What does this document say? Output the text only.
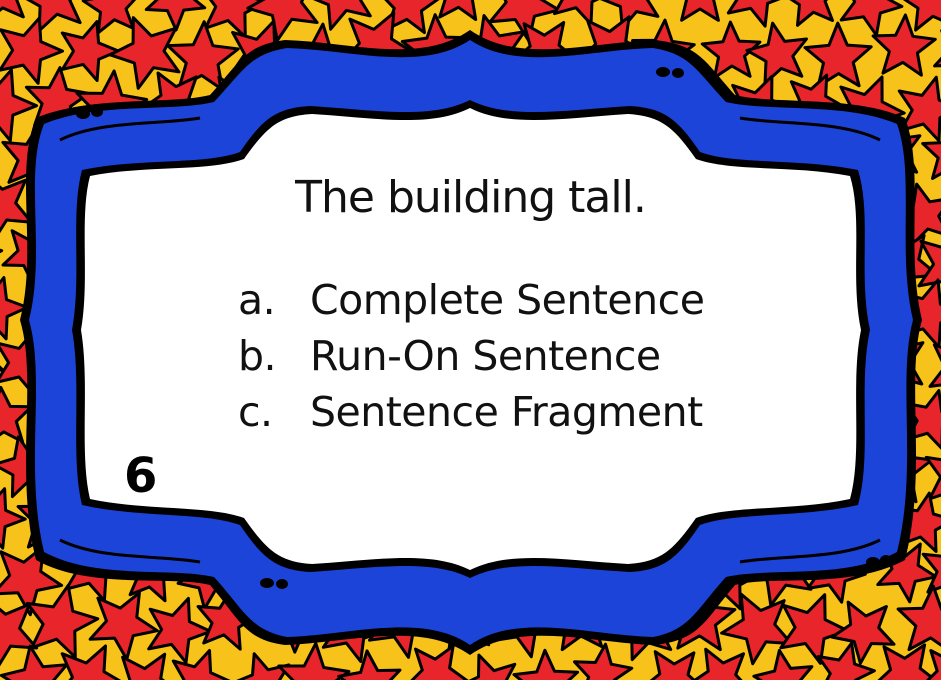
The building tall.

a. Complete Sentence
b. Run-On Sentence
c. Sentence Fragment
6
